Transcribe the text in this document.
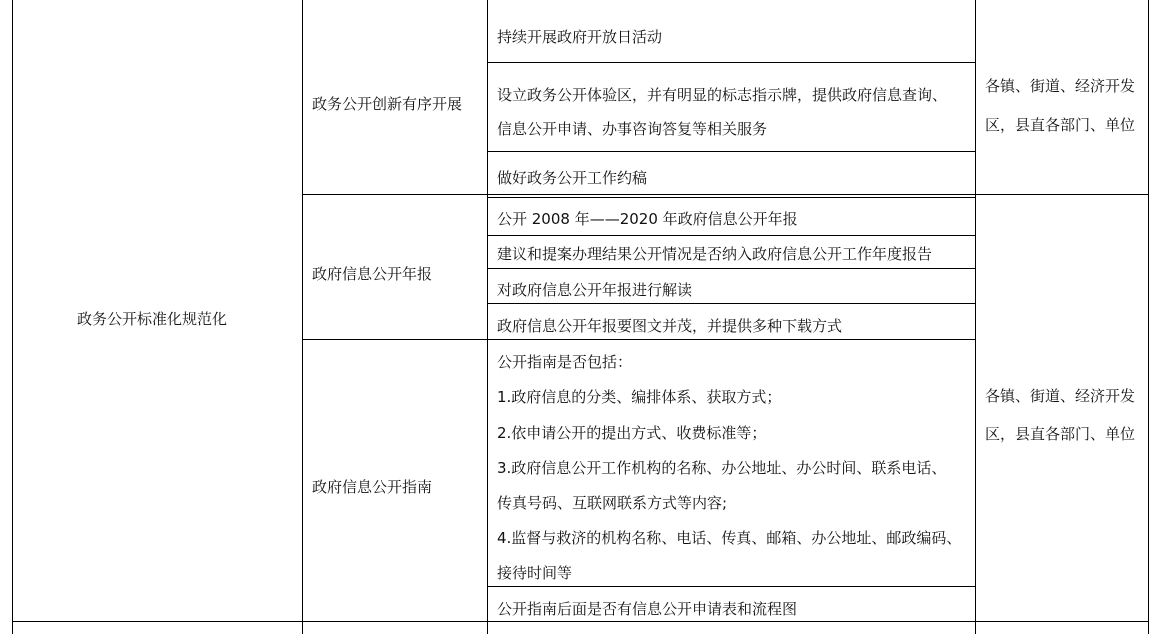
政务公开标准化规范化
政务公开创新有序开展
政府信息公开年报
政府信息公开指南
持续开展政府开放日活动
设立政务公开体验区，并有明显的标志指示牌，提供政府信息查询、
信息公开申请、办事咨询答复等相关服务
做好政务公开工作约稿
公开 2008 年——2020 年政府信息公开年报
建议和提案办理结果公开情况是否纳入政府信息公开工作年度报告
对政府信息公开年报进行解读
政府信息公开年报要图文并茂，并提供多种下载方式
公开指南是否包括：
1.政府信息的分类、编排体系、获取方式；
2.依申请公开的提出方式、收费标准等；
3.政府信息公开工作机构的名称、办公地址、办公时间、联系电话、
传真号码、互联网联系方式等内容;
4.监督与救济的机构名称、电话、传真、邮箱、办公地址、邮政编码、
接待时间等
公开指南后面是否有信息公开申请表和流程图
各镇、街道、经济开发
区，县直各部门、单位
各镇、街道、经济开发
区，县直各部门、单位
